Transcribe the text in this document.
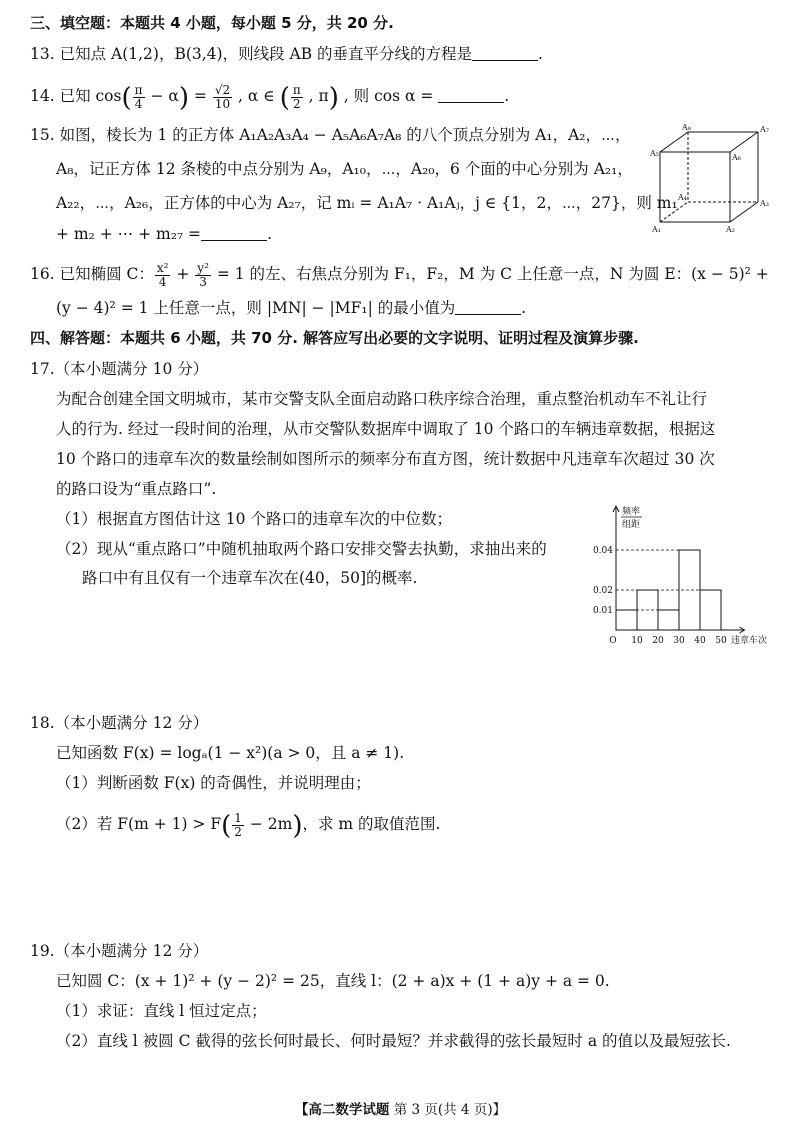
三、填空题：本题共 4 小题，每小题 5 分，共 20 分.
13. 已知点 A(1,2)，B(3,4)，则线段 AB 的垂直平分线的方程是	.
14. 已知 $\cos( \frac{\pi}{4} - \alpha) = \frac{√2}{10}$ , α ∈ ( $\frac{\pi}{2}$ , π) , 则 cos α =	.
15. 如图，棱长为 1 的正方体 A₁A₂A₃A₄ − A₅A₆A₇A₈ 的八个顶点分别为 A₁，A₂，⋯，
A₈，记正方体 12 条棱的中点分别为 A₉，A₁₀，⋯，A₂₀，6 个面的中心分别为 A₂₁，
A₂₂，⋯，A₂₆，正方体的中心为 A₂₇，记 mᵢ = A₁A₇ · A₁Aⱼ，j ∈ {1，2，⋯，27}，则 m₁
+ m₂ + ⋯ + m₂₇ =	.
A₈	A₇
A₅	A₆
A₄
A₃
A₁	A₂
16. 已知椭圆 C： $\frac{\text{x²}}{4} + \frac{\text{y²}}{3} = 1$ 的左、右焦点分别为 F₁，F₂，M 为 C 上任意一点，N 为圆 E：(x − 5)² +
(y − 4)² = 1 上任意一点，则 |MN| − |MF₁| 的最小值为	.
四、解答题：本题共 6 小题，共 70 分. 解答应写出必要的文字说明、证明过程及演算步骤.
17.（本小题满分 10 分）
为配合创建全国文明城市，某市交警支队全面启动路口秩序综合治理，重点整治机动车不礼让行
人的行为. 经过一段时间的治理，从市交警队数据库中调取了 10 个路口的车辆违章数据，根据这
10 个路口的违章车次的数量绘制如图所示的频率分布直方图，统计数据中凡违章车次超过 30 次
的路口设为“重点路口”.
（1）根据直方图估计这 10 个路口的违章车次的中位数；
（2）现从“重点路口”中随机抽取两个路口安排交警去执勤，求抽出来的
路口中有且仅有一个违章车次在(40，50]的概率.
0.01
0.02
0.04
O 10 20 30 40 50
频率
组距
违章车次
18.（本小题满分 12 分）
已知函数 F(x) = logₐ(1 − x²)(a > 0，且 a ≠ 1).
（1）判断函数 F(x) 的奇偶性，并说明理由；
（2）若 $F(m + 1) > F( \frac{1}{2} - 2m)$，求 m 的取值范围.
19.（本小题满分 12 分）
已知圆 C：(x + 1)² + (y − 2)² = 25，直线 l：(2 + a)x + (1 + a)y + a = 0.
（1）求证：直线 l 恒过定点；
（2）直线 l 被圆 C 截得的弦长何时最长、何时最短？并求截得的弦长最短时 a 的值以及最短弦长.
【高二数学试题 第 3 页(共 4 页)】
